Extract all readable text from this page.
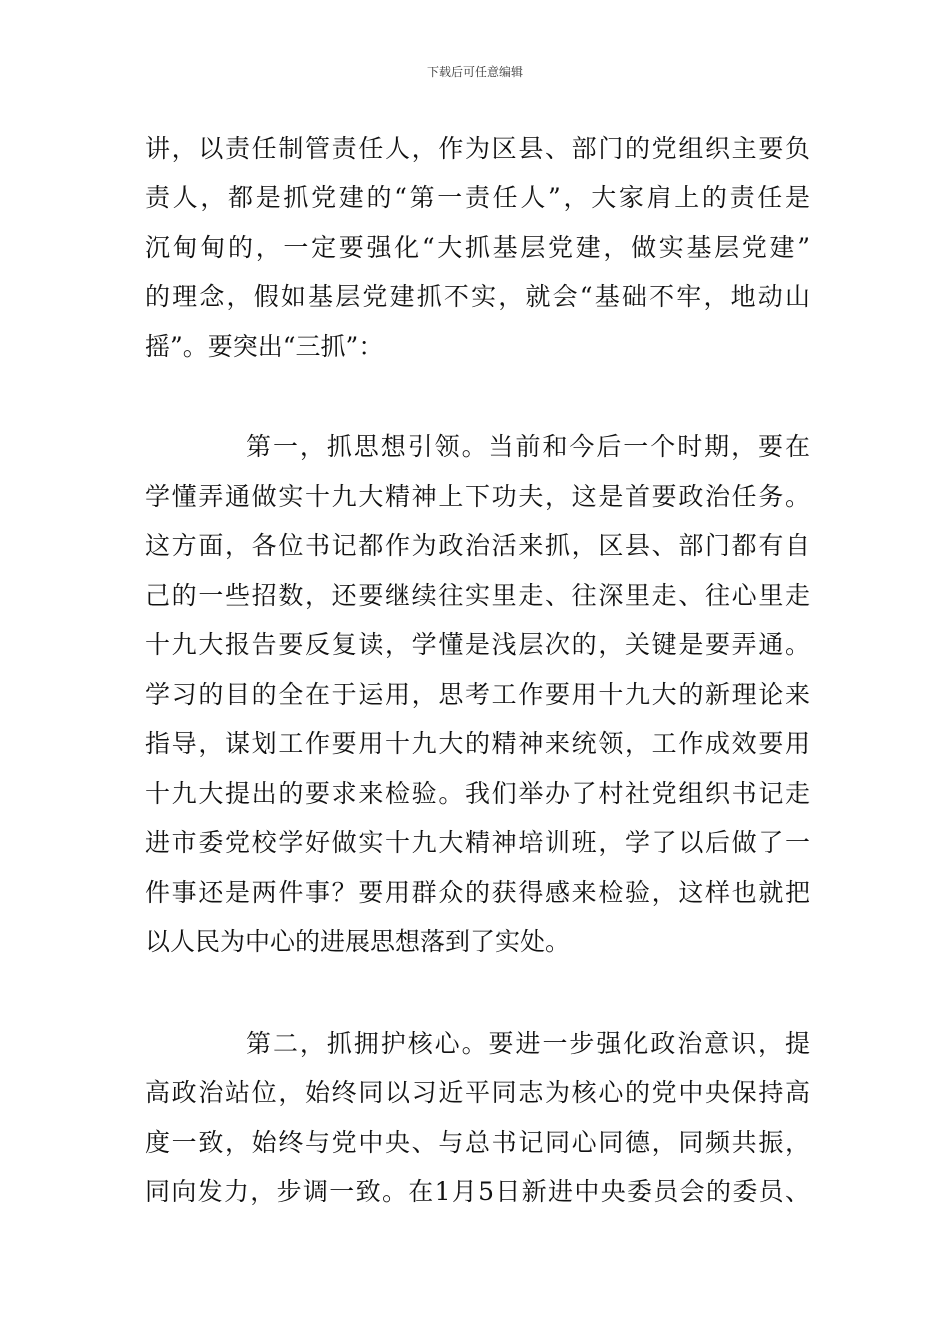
下载后可任意编辑
讲，以责任制管责任人，作为区县、部门的党组织主要负
责人，都是抓党建的“第一责任人”，大家肩上的责任是
沉甸甸的，一定要强化“大抓基层党建，做实基层党建”
的理念，假如基层党建抓不实，就会“基础不牢，地动山
摇”。要突出“三抓”：
第一，抓思想引领。当前和今后一个时期，要在
学懂弄通做实十九大精神上下功夫，这是首要政治任务。
这方面，各位书记都作为政治活来抓，区县、部门都有自
己的一些招数，还要继续往实里走、往深里走、往心里走
十九大报告要反复读，学懂是浅层次的，关键是要弄通。
学习的目的全在于运用，思考工作要用十九大的新理论来
指导，谋划工作要用十九大的精神来统领，工作成效要用
十九大提出的要求来检验。我们举办了村社党组织书记走
进市委党校学好做实十九大精神培训班，学了以后做了一
件事还是两件事？要用群众的获得感来检验，这样也就把
以人民为中心的进展思想落到了实处。
第二，抓拥护核心。要进一步强化政治意识，提
高政治站位，始终同以习近平同志为核心的党中央保持高
度一致，始终与党中央、与总书记同心同德，同频共振，
同向发力，步调一致。在1月5日新进中央委员会的委员、
